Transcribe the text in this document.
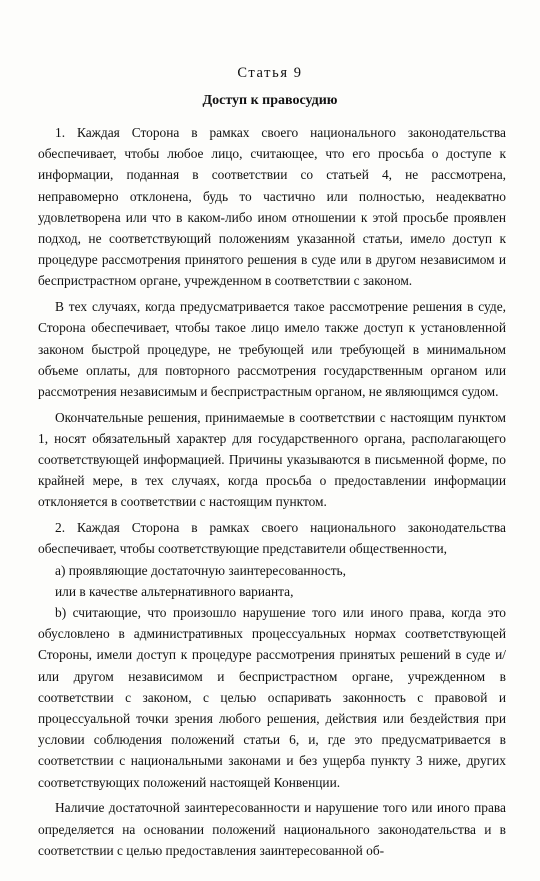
Статья 9
Доступ к правосудию

1. Каждая Сторона в рамках своего национального законодательства обеспечивает, чтобы любое лицо, считающее, что его просьба о доступе к информации, поданная в соответствии со статьей 4, не рассмотрена, неправомерно отклонена, будь то частично или полностью, неадекватно удовлетворена или что в каком-либо ином отношении к этой просьбе проявлен подход, не соответствующий положениям указанной статьи, имело доступ к процедуре рассмотрения принятого решения в суде или в другом независимом и беспристрастном органе, учрежденном в соответствии с законом.

В тех случаях, когда предусматривается такое рассмотрение решения в суде, Сторона обеспечивает, чтобы такое лицо имело также доступ к установленной законом быстрой процедуре, не требующей или требующей в минимальном объеме оплаты, для повторного рассмотрения государственным органом или рассмотрения независимым и беспристрастным органом, не являющимся судом.

Окончательные решения, принимаемые в соответствии с настоящим пунктом 1, носят обязательный характер для государственного органа, располагающего соответствующей информацией. Причины указываются в письменной форме, по крайней мере, в тех случаях, когда просьба о предоставлении информации отклоняется в соответствии с настоящим пунктом.

2. Каждая Сторона в рамках своего национального законодательства обеспечивает, чтобы соответствующие представители общественности,

а) проявляющие достаточную заинтересованность,

или в качестве альтернативного варианта,

b) считающие, что произошло нарушение того или иного права, когда это обусловлено в административных процессуальных нормах соответствующей Стороны, имели доступ к процедуре рассмотрения принятых решений в суде и/или другом независимом и беспристрастном органе, учрежденном в соответствии с законом, с целью оспаривать законность с правовой и процессуальной точки зрения любого решения, действия или бездействия при условии соблюдения положений статьи 6, и, где это предусматривается в соответствии с национальными законами и без ущерба пункту 3 ниже, других соответствующих положений настоящей Конвенции.

Наличие достаточной заинтересованности и нарушение того или иного права определяется на основании положений национального законодательства и в соответствии с целью предоставления заинтересованной об-
